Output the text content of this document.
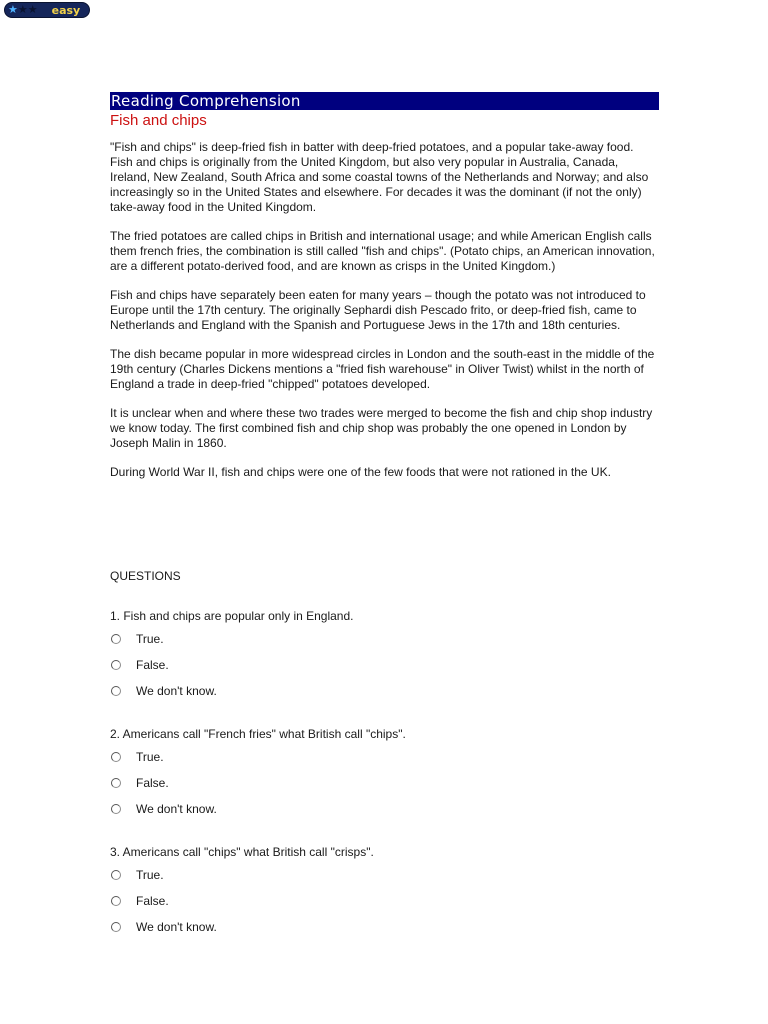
★ ★ ★ easy
Reading Comprehension
Fish and chips

"Fish and chips" is deep-fried fish in batter with deep-fried potatoes, and a popular take-away food. Fish and chips is originally from the United Kingdom, but also very popular in Australia, Canada, Ireland, New Zealand, South Africa and some coastal towns of the Netherlands and Norway; and also increasingly so in the United States and elsewhere. For decades it was the dominant (if not the only) take-away food in the United Kingdom.

The fried potatoes are called chips in British and international usage; and while American English calls them french fries, the combination is still called "fish and chips". (Potato chips, an American innovation, are a different potato-derived food, and are known as crisps in the United Kingdom.)

Fish and chips have separately been eaten for many years – though the potato was not introduced to Europe until the 17th century. The originally Sephardi dish Pescado frito, or deep-fried fish, came to Netherlands and England with the Spanish and Portuguese Jews in the 17th and 18th centuries.

The dish became popular in more widespread circles in London and the south-east in the middle of the 19th century (Charles Dickens mentions a "fried fish warehouse" in Oliver Twist) whilst in the north of England a trade in deep-fried "chipped" potatoes developed.

It is unclear when and where these two trades were merged to become the fish and chip shop industry we know today. The first combined fish and chip shop was probably the one opened in London by Joseph Malin in 1860.

During World War II, fish and chips were one of the few foods that were not rationed in the UK.

QUESTIONS
1. Fish and chips are popular only in England.
True.
False.
We don't know.
2. Americans call "French fries" what British call "chips".
True.
False.
We don't know.
3. Americans call "chips" what British call "crisps".
True.
False.
We don't know.
